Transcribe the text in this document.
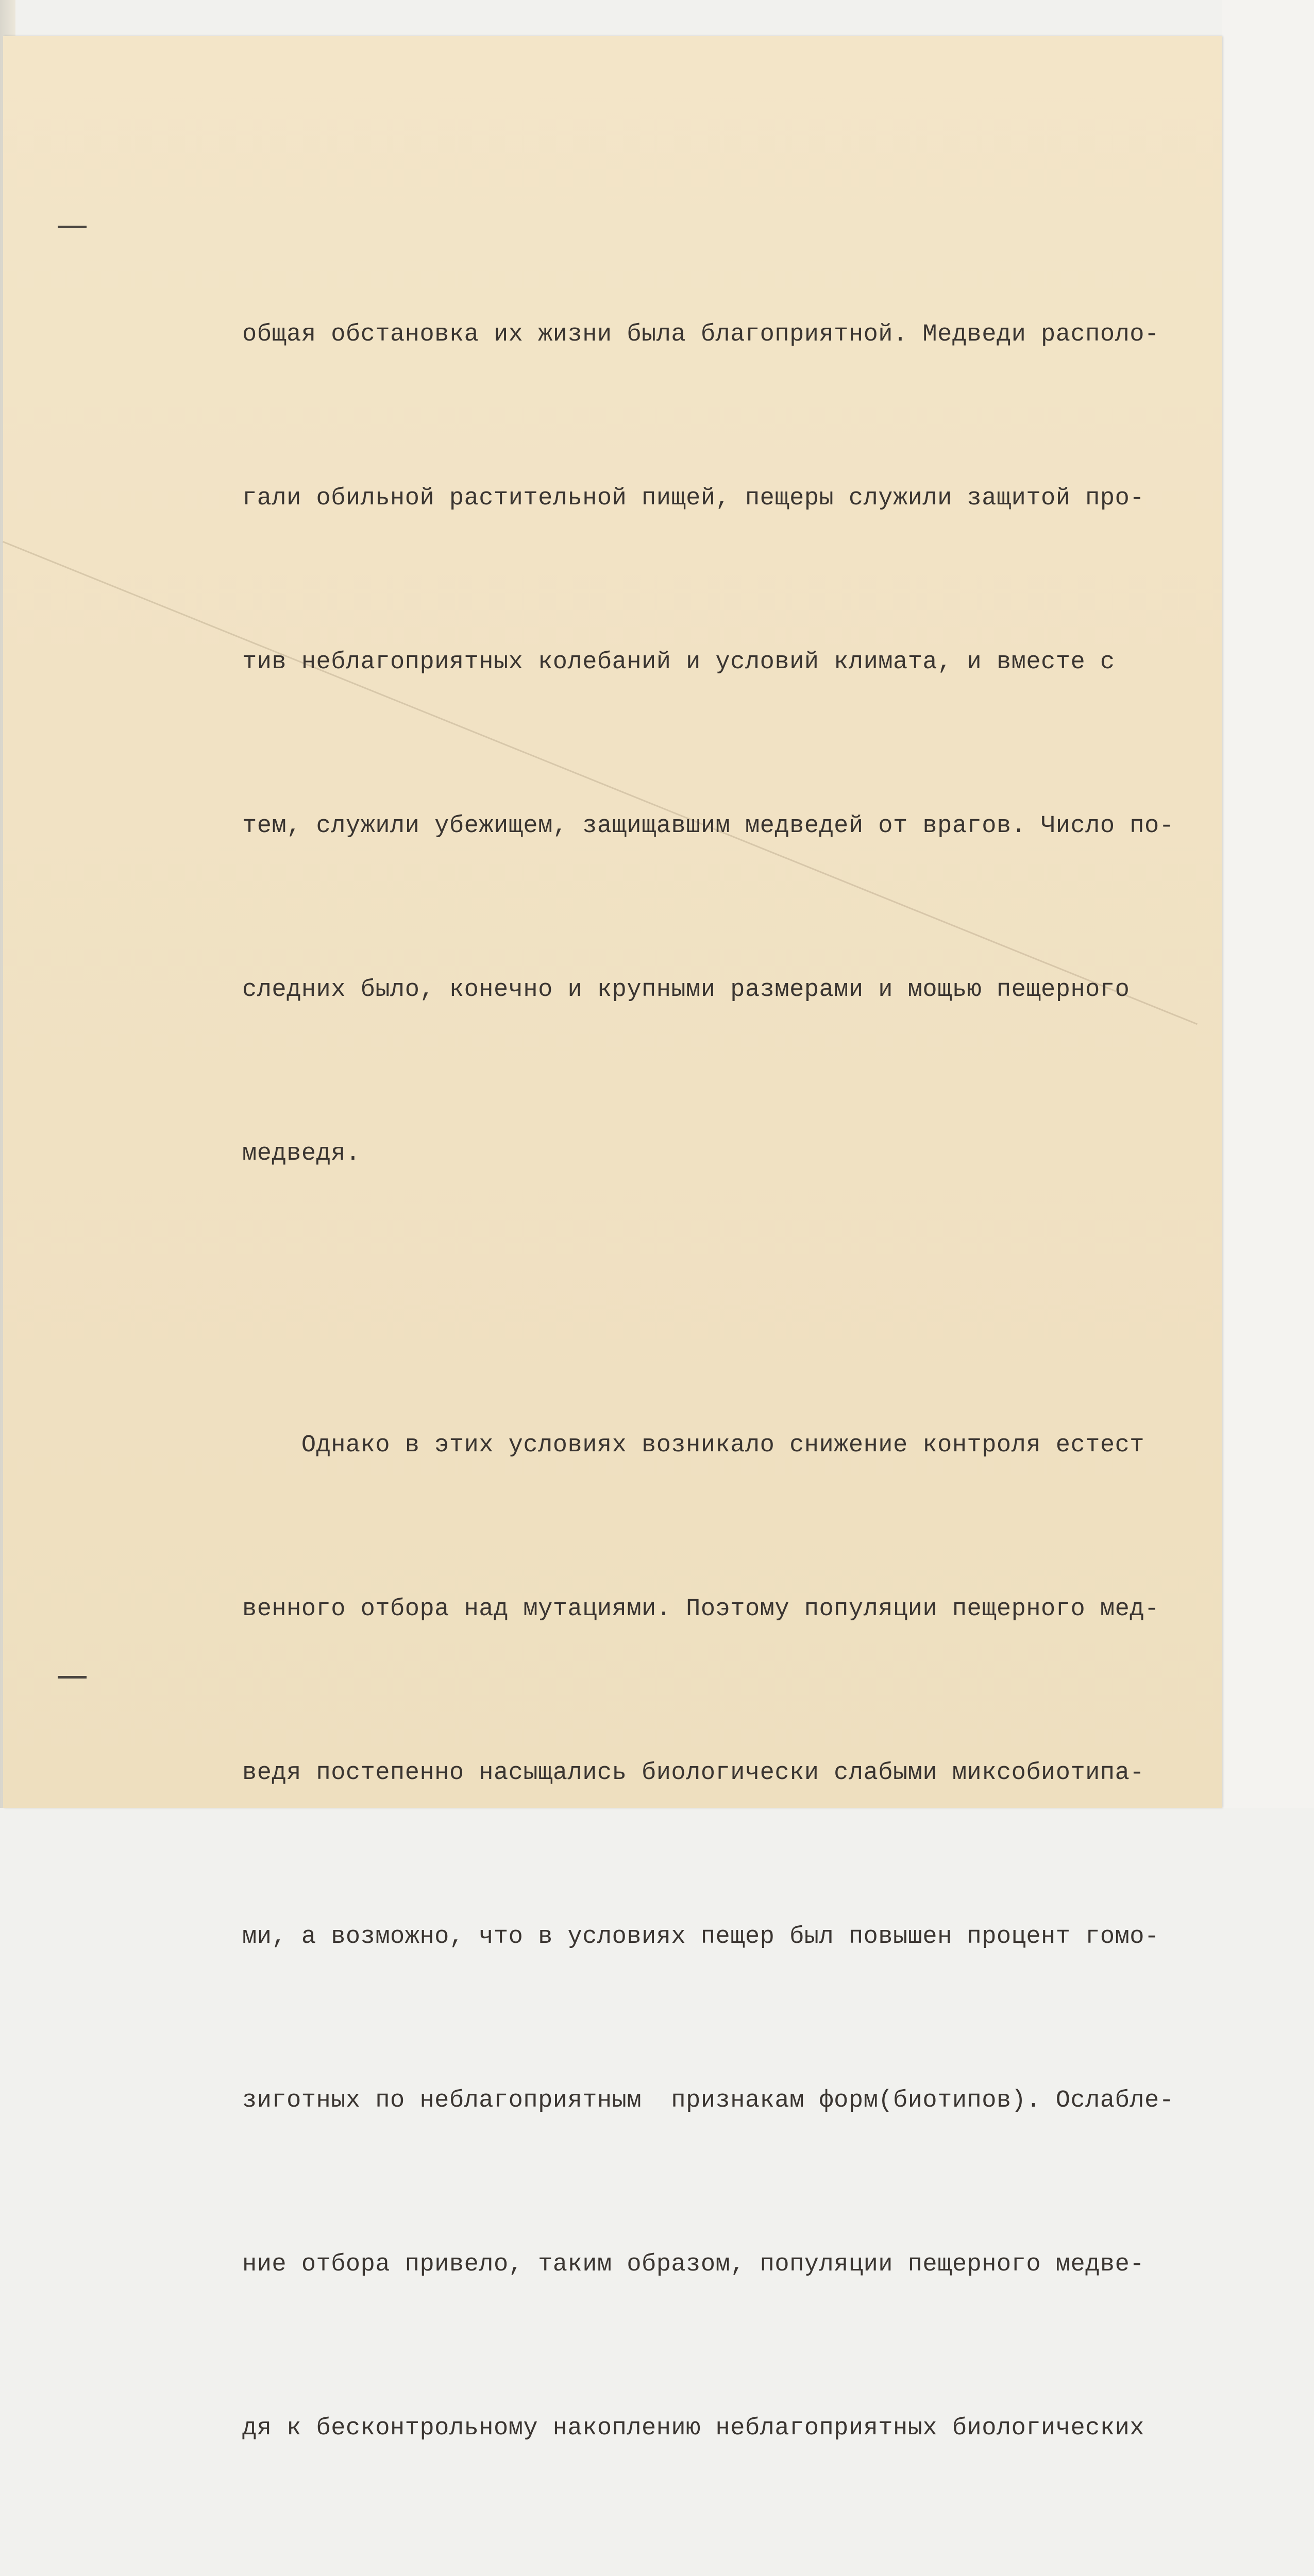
общая обстановка их жизни была благоприятной. Медведи располо-

гали обильной растительной пищей, пещеры служили защитой про-

тив неблагоприятных колебаний и условий климата, и вместе с

тем, служили убежищем, защищавшим медведей от врагов. Число по-

следних было, конечно и крупными размерами и мощью пещерного

медведя.

Однако в этих условиях возникало снижение контроля естест

венного отбора над мутациями. Поэтому популяции пещерного мед-

ведя постепенно насыщались биологически слабыми миксобиотипа-

ми, а возможно, что в условиях пещер был повышен процент гомо-

зиготных по неблагоприятным  признакам форм(биотипов). Ослабле-

ние отбора привело, таким образом, популяции пещерного медве-

дя к бесконтрольному накоплению неблагоприятных биологических
